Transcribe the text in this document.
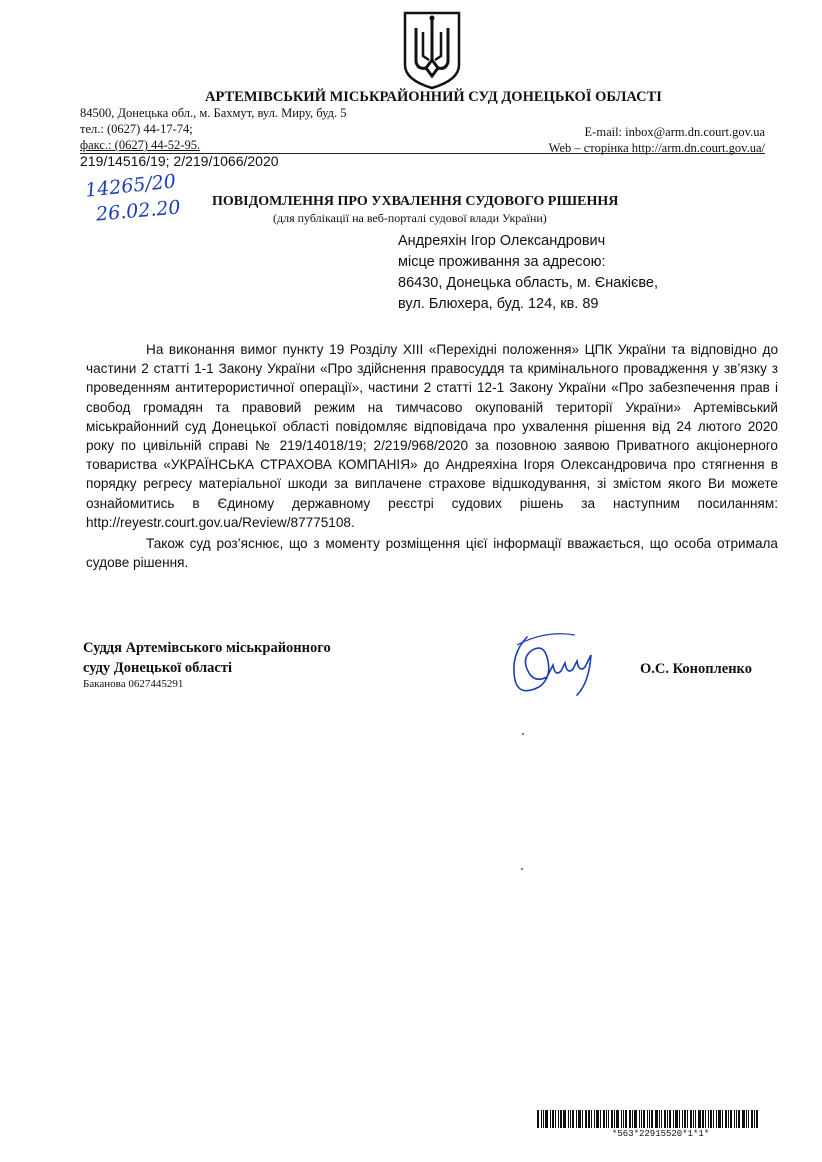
АРТЕМІВСЬКИЙ МІСЬКРАЙОННИЙ СУД ДОНЕЦЬКОЇ ОБЛАСТІ
84500, Донецька обл., м. Бахмут, вул. Миру, буд. 5
тел.: (0627) 44-17-74;
факс.: (0627) 44-52-95.
E-mail: inbox@arm.dn.court.gov.ua
Web – сторінка http://arm.dn.court.gov.ua/
219/14516/19; 2/219/1066/2020
14265/20
26.02.20 ПОВІДОМЛЕННЯ ПРО УХВАЛЕННЯ СУДОВОГО РІШЕННЯ
(для публікації на веб-порталі судової влади України)
Андреяхін Ігор Олександрович
місце проживання за адресою:
86430, Донецька область, м. Єнакієве,
вул. Блюхера, буд. 124, кв. 89

На виконання вимог пункту 19 Розділу XIII «Перехідні положення» ЦПК України та відповідно до частини 2 статті 1-1 Закону України «Про здійснення правосуддя та кримінального провадження у зв’язку з проведенням антитерористичної операції», частини 2 статті 12-1 Закону України «Про забезпечення прав і свобод громадян та правовий режим на тимчасово окупованій території України» Артемівський міськрайонний суд Донецької області повідомляє відповідача про ухвалення рішення від 24 лютого 2020 року по цивільній справі № 219/14018/19; 2/219/968/2020 за позовною заявою Приватного акціонерного товариства «УКРАЇНСЬКА СТРАХОВА КОМПАНІЯ» до Андреяхіна Ігоря Олександровича про стягнення в порядку регресу матеріальної шкоди за виплачене страхове відшкодування, зі змістом якого Ви можете ознайомитись в Єдиному державному реєстрі судових рішень за наступним посиланням: http://reyestr.court.gov.ua/Review/87775108.

Також суд роз’яснює, що з моменту розміщення цієї інформації вважається, що особа отримала судове рішення.

Суддя Артемівського міськрайонного
суду Донецької області
Баканова 0627445291
О.С. Конопленко
*563*22915520*1*1*
